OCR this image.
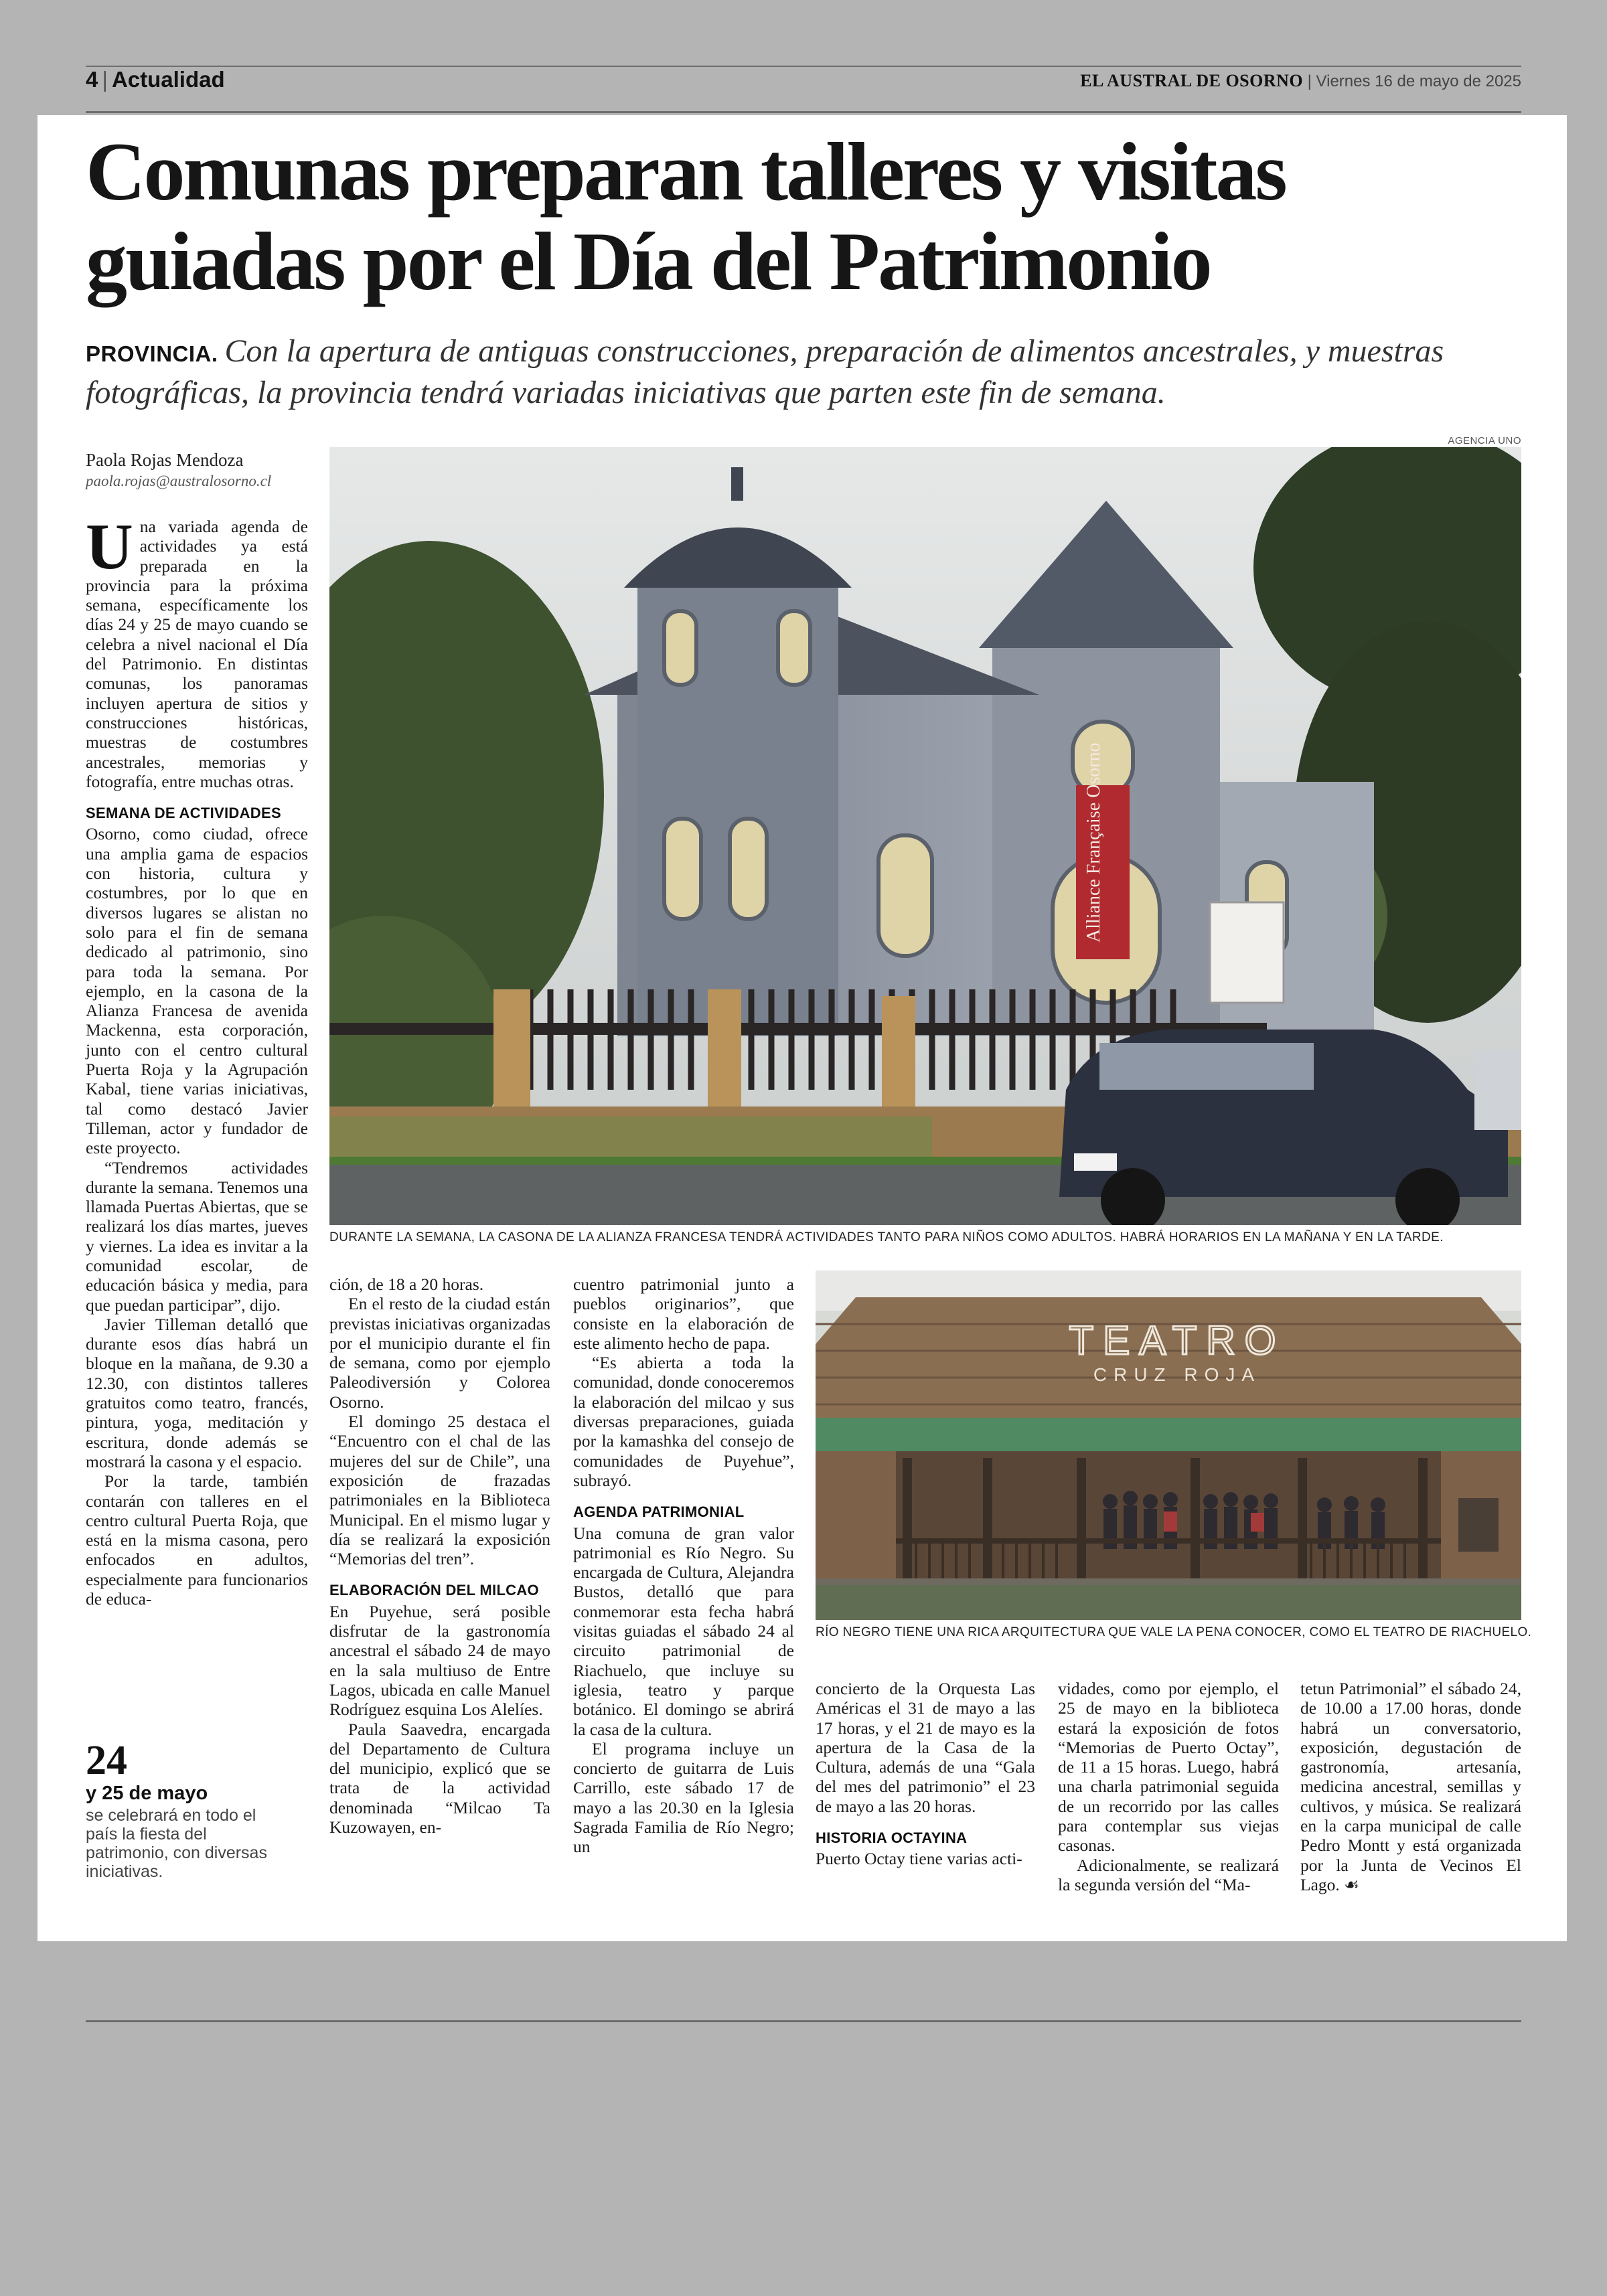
4 | Actualidad	EL AUSTRAL DE OSORNO | Viernes 16 de mayo de 2025
Comunas preparan talleres y visitas guiadas por el Día del Patrimonio
PROVINCIA. Con la apertura de antiguas construcciones, preparación de alimentos ancestrales, y muestras fotográficas, la provincia tendrá variadas iniciativas que parten este fin de semana.
Paola Rojas Mendoza
paola.rojas@australosorno.cl

Una variada agenda de actividades ya está preparada en la provincia para la próxima semana, específicamente los días 24 y 25 de mayo cuando se celebra a nivel nacional el Día del Patrimonio. En distintas comunas, los panoramas incluyen apertura de sitios y construcciones históricas, muestras de costumbres ancestrales, memorias y fotografía, entre muchas otras.

SEMANA DE ACTIVIDADES

Osorno, como ciudad, ofrece una amplia gama de espacios con historia, cultura y costumbres, por lo que en diversos lugares se alistan no solo para el fin de semana dedicado al patrimonio, sino para toda la semana. Por ejemplo, en la casona de la Alianza Francesa de avenida Mackenna, esta corporación, junto con el centro cultural Puerta Roja y la Agrupación Kabal, tiene varias iniciativas, tal como destacó Javier Tilleman, actor y fundador de este proyecto.

“Tendremos actividades durante la semana. Tenemos una llamada Puertas Abiertas, que se realizará los días martes, jueves y viernes. La idea es invitar a la comunidad escolar, de educación básica y media, para que puedan participar”, dijo.

Javier Tilleman detalló que durante esos días habrá un bloque en la mañana, de 9.30 a 12.30, con distintos talleres gratuitos como teatro, francés, pintura, yoga, meditación y escritura, donde además se mostrará la casona y el espacio.

Por la tarde, también contarán con talleres en el centro cultural Puerta Roja, que está en la misma casona, pero enfocados en adultos, especialmente para funcionarios de educa-

24
y 25 de mayo
se celebrará en todo el país la fiesta del patrimonio, con diversas iniciativas.
AGENCIA UNO
Alliance Française Osorno
DURANTE LA SEMANA, LA CASONA DE LA ALIANZA FRANCESA TENDRÁ ACTIVIDADES TANTO PARA NIÑOS COMO ADULTOS. HABRÁ HORARIOS EN LA MAÑANA Y EN LA TARDE.

ción, de 18 a 20 horas.

En el resto de la ciudad están previstas iniciativas organizadas por el municipio durante el fin de semana, como por ejemplo Paleodiversión y Colorea Osorno.

El domingo 25 destaca el “Encuentro con el chal de las mujeres del sur de Chile”, una exposición de frazadas patrimoniales en la Biblioteca Municipal. En el mismo lugar y día se realizará la exposición “Memorias del tren”.

ELABORACIÓN DEL MILCAO

En Puyehue, será posible disfrutar de la gastronomía ancestral el sábado 24 de mayo en la sala multiuso de Entre Lagos, ubicada en calle Manuel Rodríguez esquina Los Alelíes.

Paula Saavedra, encargada del Departamento de Cultura del municipio, explicó que se trata de la actividad denominada “Milcao Ta Kuzowayen, en-

cuentro patrimonial junto a pueblos originarios”, que consiste en la elaboración de este alimento hecho de papa.

“Es abierta a toda la comunidad, donde conoceremos la elaboración del milcao y sus diversas preparaciones, guiada por la kamashka del consejo de comunidades de Puyehue”, subrayó.

AGENDA PATRIMONIAL

Una comuna de gran valor patrimonial es Río Negro. Su encargada de Cultura, Alejandra Bustos, detalló que para conmemorar esta fecha habrá visitas guiadas el sábado 24 al circuito patrimonial de Riachuelo, que incluye su iglesia, teatro y parque botánico. El domingo se abrirá la casa de la cultura.

El programa incluye un concierto de guitarra de Luis Carrillo, este sábado 17 de mayo a las 20.30 en la Iglesia Sagrada Familia de Río Negro; un

TEATRO
CRUZ ROJA
RÍO NEGRO TIENE UNA RICA ARQUITECTURA QUE VALE LA PENA CONOCER, COMO EL TEATRO DE RIACHUELO.

concierto de la Orquesta Las Américas el 31 de mayo a las 17 horas, y el 21 de mayo es la apertura de la Casa de la Cultura, además de una “Gala del mes del patrimonio” el 23 de mayo a las 20 horas.

HISTORIA OCTAYINA

Puerto Octay tiene varias acti-

vidades, como por ejemplo, el 25 de mayo en la biblioteca estará la exposición de fotos “Memorias de Puerto Octay”, de 11 a 15 horas. Luego, habrá una charla patrimonial seguida de un recorrido por las calles para contemplar sus viejas casonas.

Adicionalmente, se realizará la segunda versión del “Ma-

tetun Patrimonial” el sábado 24, de 10.00 a 17.00 horas, donde habrá un conversatorio, exposición, degustación de gastronomía, artesanía, medicina ancestral, semillas y cultivos, y música. Se realizará en la carpa municipal de calle Pedro Montt y está organizada por la Junta de Vecinos El Lago. ☙
